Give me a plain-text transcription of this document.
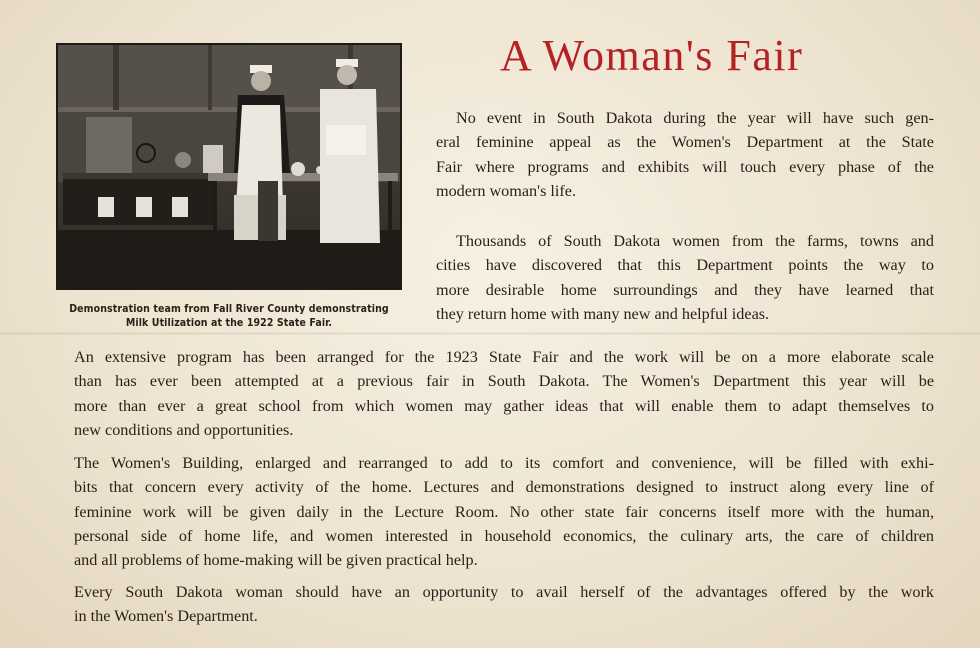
Demonstration team from Fall River County demonstrating
Milk Utilization at the 1922 State Fair.
A Woman's Fair
No event in South Dakota during the year will have such gen-
eral feminine appeal as the Women's Department at the State
Fair where programs and exhibits will touch every phase of the
modern woman's life.
Thousands of South Dakota women from the farms, towns and
cities have discovered that this Department points the way to
more desirable home surroundings and they have learned that
they return home with many new and helpful ideas.
An extensive program has been arranged for the 1923 State Fair and the work will be on a more elaborate scale
than has ever been attempted at a previous fair in South Dakota. The Women's Department this year will be
more than ever a great school from which women may gather ideas that will enable them to adapt themselves to
new conditions and opportunities.
The Women's Building, enlarged and rearranged to add to its comfort and convenience, will be filled with exhi-
bits that concern every activity of the home. Lectures and demonstrations designed to instruct along every line of
feminine work will be given daily in the Lecture Room. No other state fair concerns itself more with the human,
personal side of home life, and women interested in household economics, the culinary arts, the care of children
and all problems of home-making will be given practical help.
Every South Dakota woman should have an opportunity to avail herself of the advantages offered by the work
in the Women's Department.
